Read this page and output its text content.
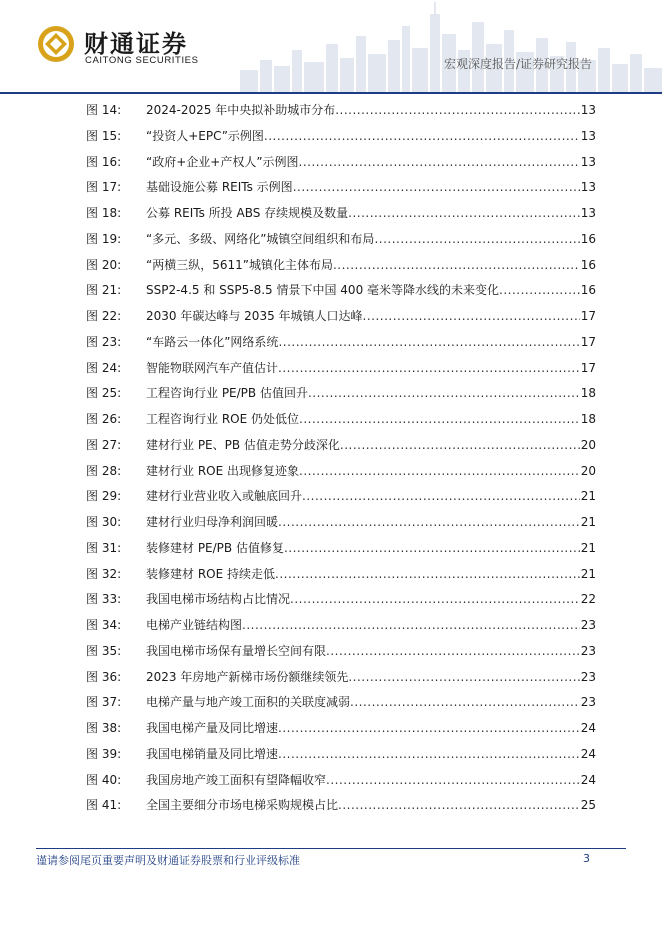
财通证券
CAITONG SECURITIES	宏观深度报告/证券研究报告
图 14: 2024-2025 年中央拟补助城市分布 .....	13
图 15: “投资人+EPC”示例图 .....	13
图 16: “政府+企业+产权人”示例图 .....	13
图 17: 基础设施公募 REITs 示例图 .....	13
图 18: 公募 REITs 所投 ABS 存续规模及数量 .....	13
图 19: “多元、多级、网络化”城镇空间组织和布局 .....	16
图 20: “两横三纵，5611”城镇化主体布局 .....	16
图 21: SSP2-4.5 和 SSP5-8.5 情景下中国 400 毫米等降水线的未来变化 .....	16
图 22: 2030 年碳达峰与 2035 年城镇人口达峰 .....	17
图 23: “车路云一体化”网络系统 .....	17
图 24: 智能物联网汽车产值估计 .....	17
图 25: 工程咨询行业 PE/PB 估值回升 .....	18
图 26: 工程咨询行业 ROE 仍处低位 .....	18
图 27: 建材行业 PE、PB 估值走势分歧深化 .....	20
图 28: 建材行业 ROE 出现修复迹象 .....	20
图 29: 建材行业营业收入或触底回升 .....	21
图 30: 建材行业归母净利润回暖 .....	21
图 31: 装修建材 PE/PB 估值修复 .....	21
图 32: 装修建材 ROE 持续走低 .....	21
图 33: 我国电梯市场结构占比情况 .....	22
图 34: 电梯产业链结构图 .....	23
图 35: 我国电梯市场保有量增长空间有限 .....	23
图 36: 2023 年房地产新梯市场份额继续领先 .....	23
图 37: 电梯产量与地产竣工面积的关联度减弱 .....	23
图 38: 我国电梯产量及同比增速 .....	24
图 39: 我国电梯销量及同比增速 .....	24
图 40: 我国房地产竣工面积有望降幅收窄 .....	24
图 41: 全国主要细分市场电梯采购规模占比 .....	25
谨请参阅尾页重要声明及财通证券股票和行业评级标准	3
